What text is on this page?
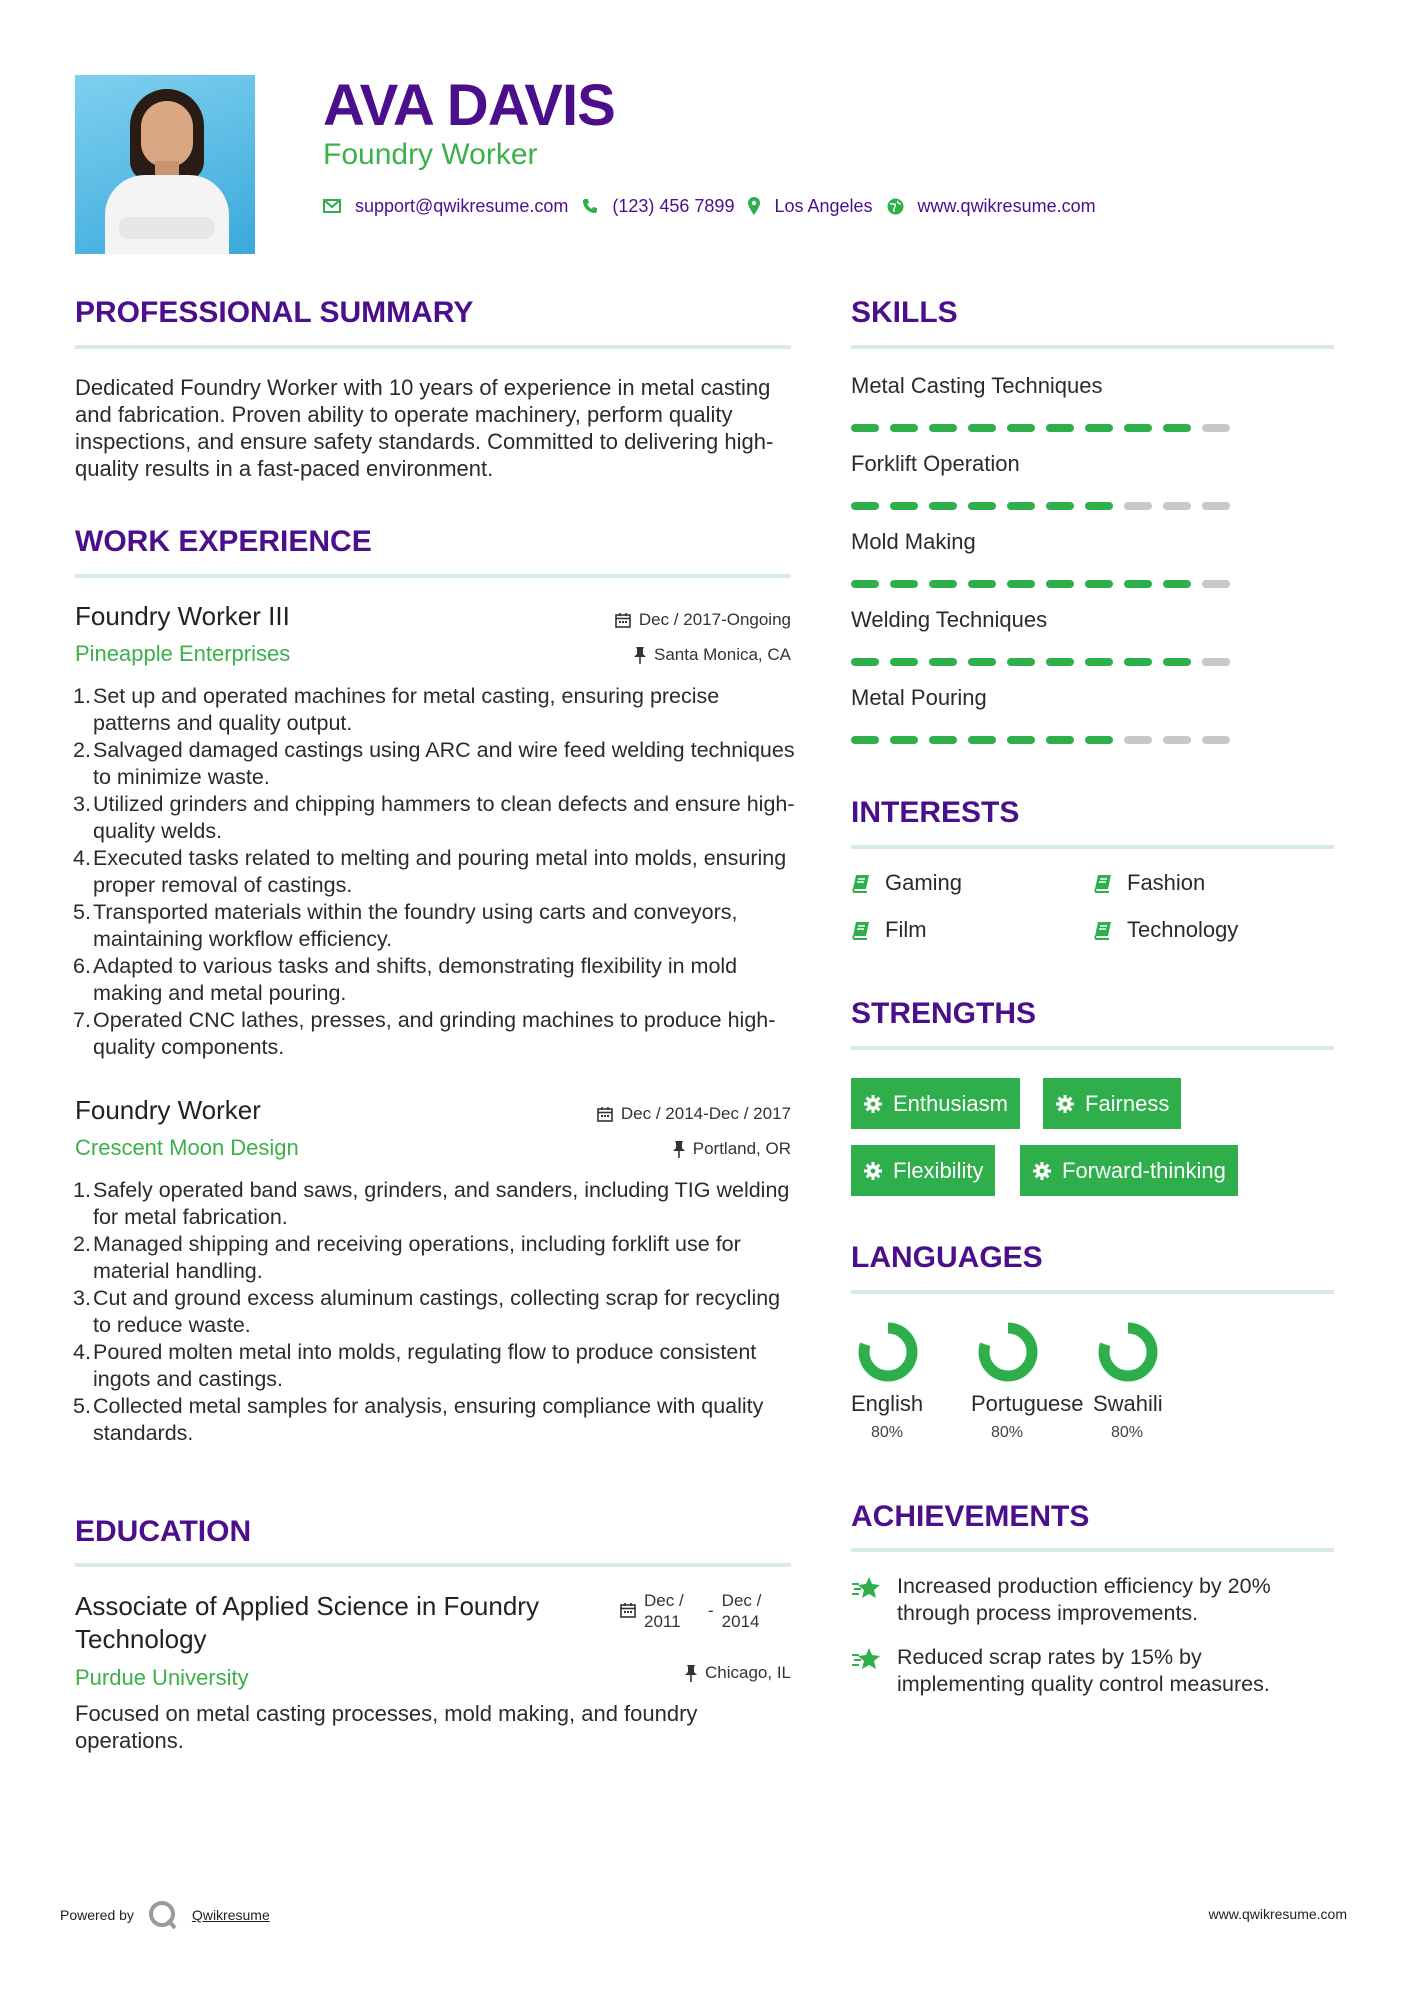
AVA DAVIS
Foundry Worker
support@qwikresume.com (123) 456 7899 Los Angeles	www.qwikresume.com
PROFESSIONAL SUMMARY
Dedicated Foundry Worker with 10 years of experience in metal casting and fabrication. Proven ability to operate machinery, perform quality inspections, and ensure safety standards. Committed to delivering high-quality results in a fast-paced environment.
WORK EXPERIENCE
Foundry Worker III
Pineapple Enterprises
Dec / 2017-Ongoing
Santa Monica, CA
1. Set up and operated machines for metal casting, ensuring precise patterns and quality output.
2. Salvaged damaged castings using ARC and wire feed welding techniques to minimize waste.
3. Utilized grinders and chipping hammers to clean defects and ensure high-quality welds.
4. Executed tasks related to melting and pouring metal into molds, ensuring proper removal of castings.
5. Transported materials within the foundry using carts and conveyors, maintaining workflow efficiency.
6. Adapted to various tasks and shifts, demonstrating flexibility in mold making and metal pouring.
7. Operated CNC lathes, presses, and grinding machines to produce high-quality components.
Foundry Worker
Crescent Moon Design
Dec / 2014-Dec / 2017
Portland, OR
1. Safely operated band saws, grinders, and sanders, including TIG welding for metal fabrication.
2. Managed shipping and receiving operations, including forklift use for material handling.
3. Cut and ground excess aluminum castings, collecting scrap for recycling to reduce waste.
4. Poured molten metal into molds, regulating flow to produce consistent ingots and castings.
5. Collected metal samples for analysis, ensuring compliance with quality standards.
EDUCATION
Associate of Applied Science in Foundry Technology
Purdue University
Dec / 2011
-
Dec / 2014
Chicago, IL
Focused on metal casting processes, mold making, and foundry operations.
SKILLS
INTERESTS
STRENGTHS
LANGUAGES
ACHIEVEMENTS
Powered by	Qwikresume	www.qwikresume.com
Metal Casting Techniques
Forklift Operation
Mold Making
Welding Techniques
Metal Pouring
Gaming	Fashion
Film	Technology
Enthusiasm	Fairness
Flexibility	Forward-thinking
English
80%
Portuguese
80%
Swahili
80%
Increased production efficiency by 20% through process improvements.
Reduced scrap rates by 15% by implementing quality control measures.
